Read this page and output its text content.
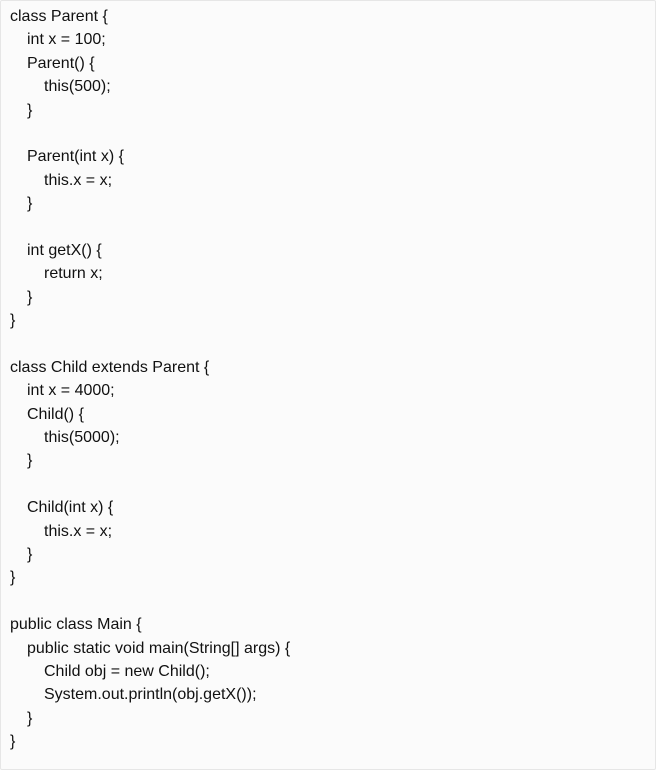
class Parent {
int x = 100;
Parent() {
this(500);
}
Parent(int x) {
this.x = x;
}
int getX() {
return x;
}
}
class Child extends Parent {
int x = 4000;
Child() {
this(5000);
}
Child(int x) {
this.x = x;
}
}
public class Main {
public static void main(String[] args) {
Child obj = new Child();
System.out.println(obj.getX());
}
}
